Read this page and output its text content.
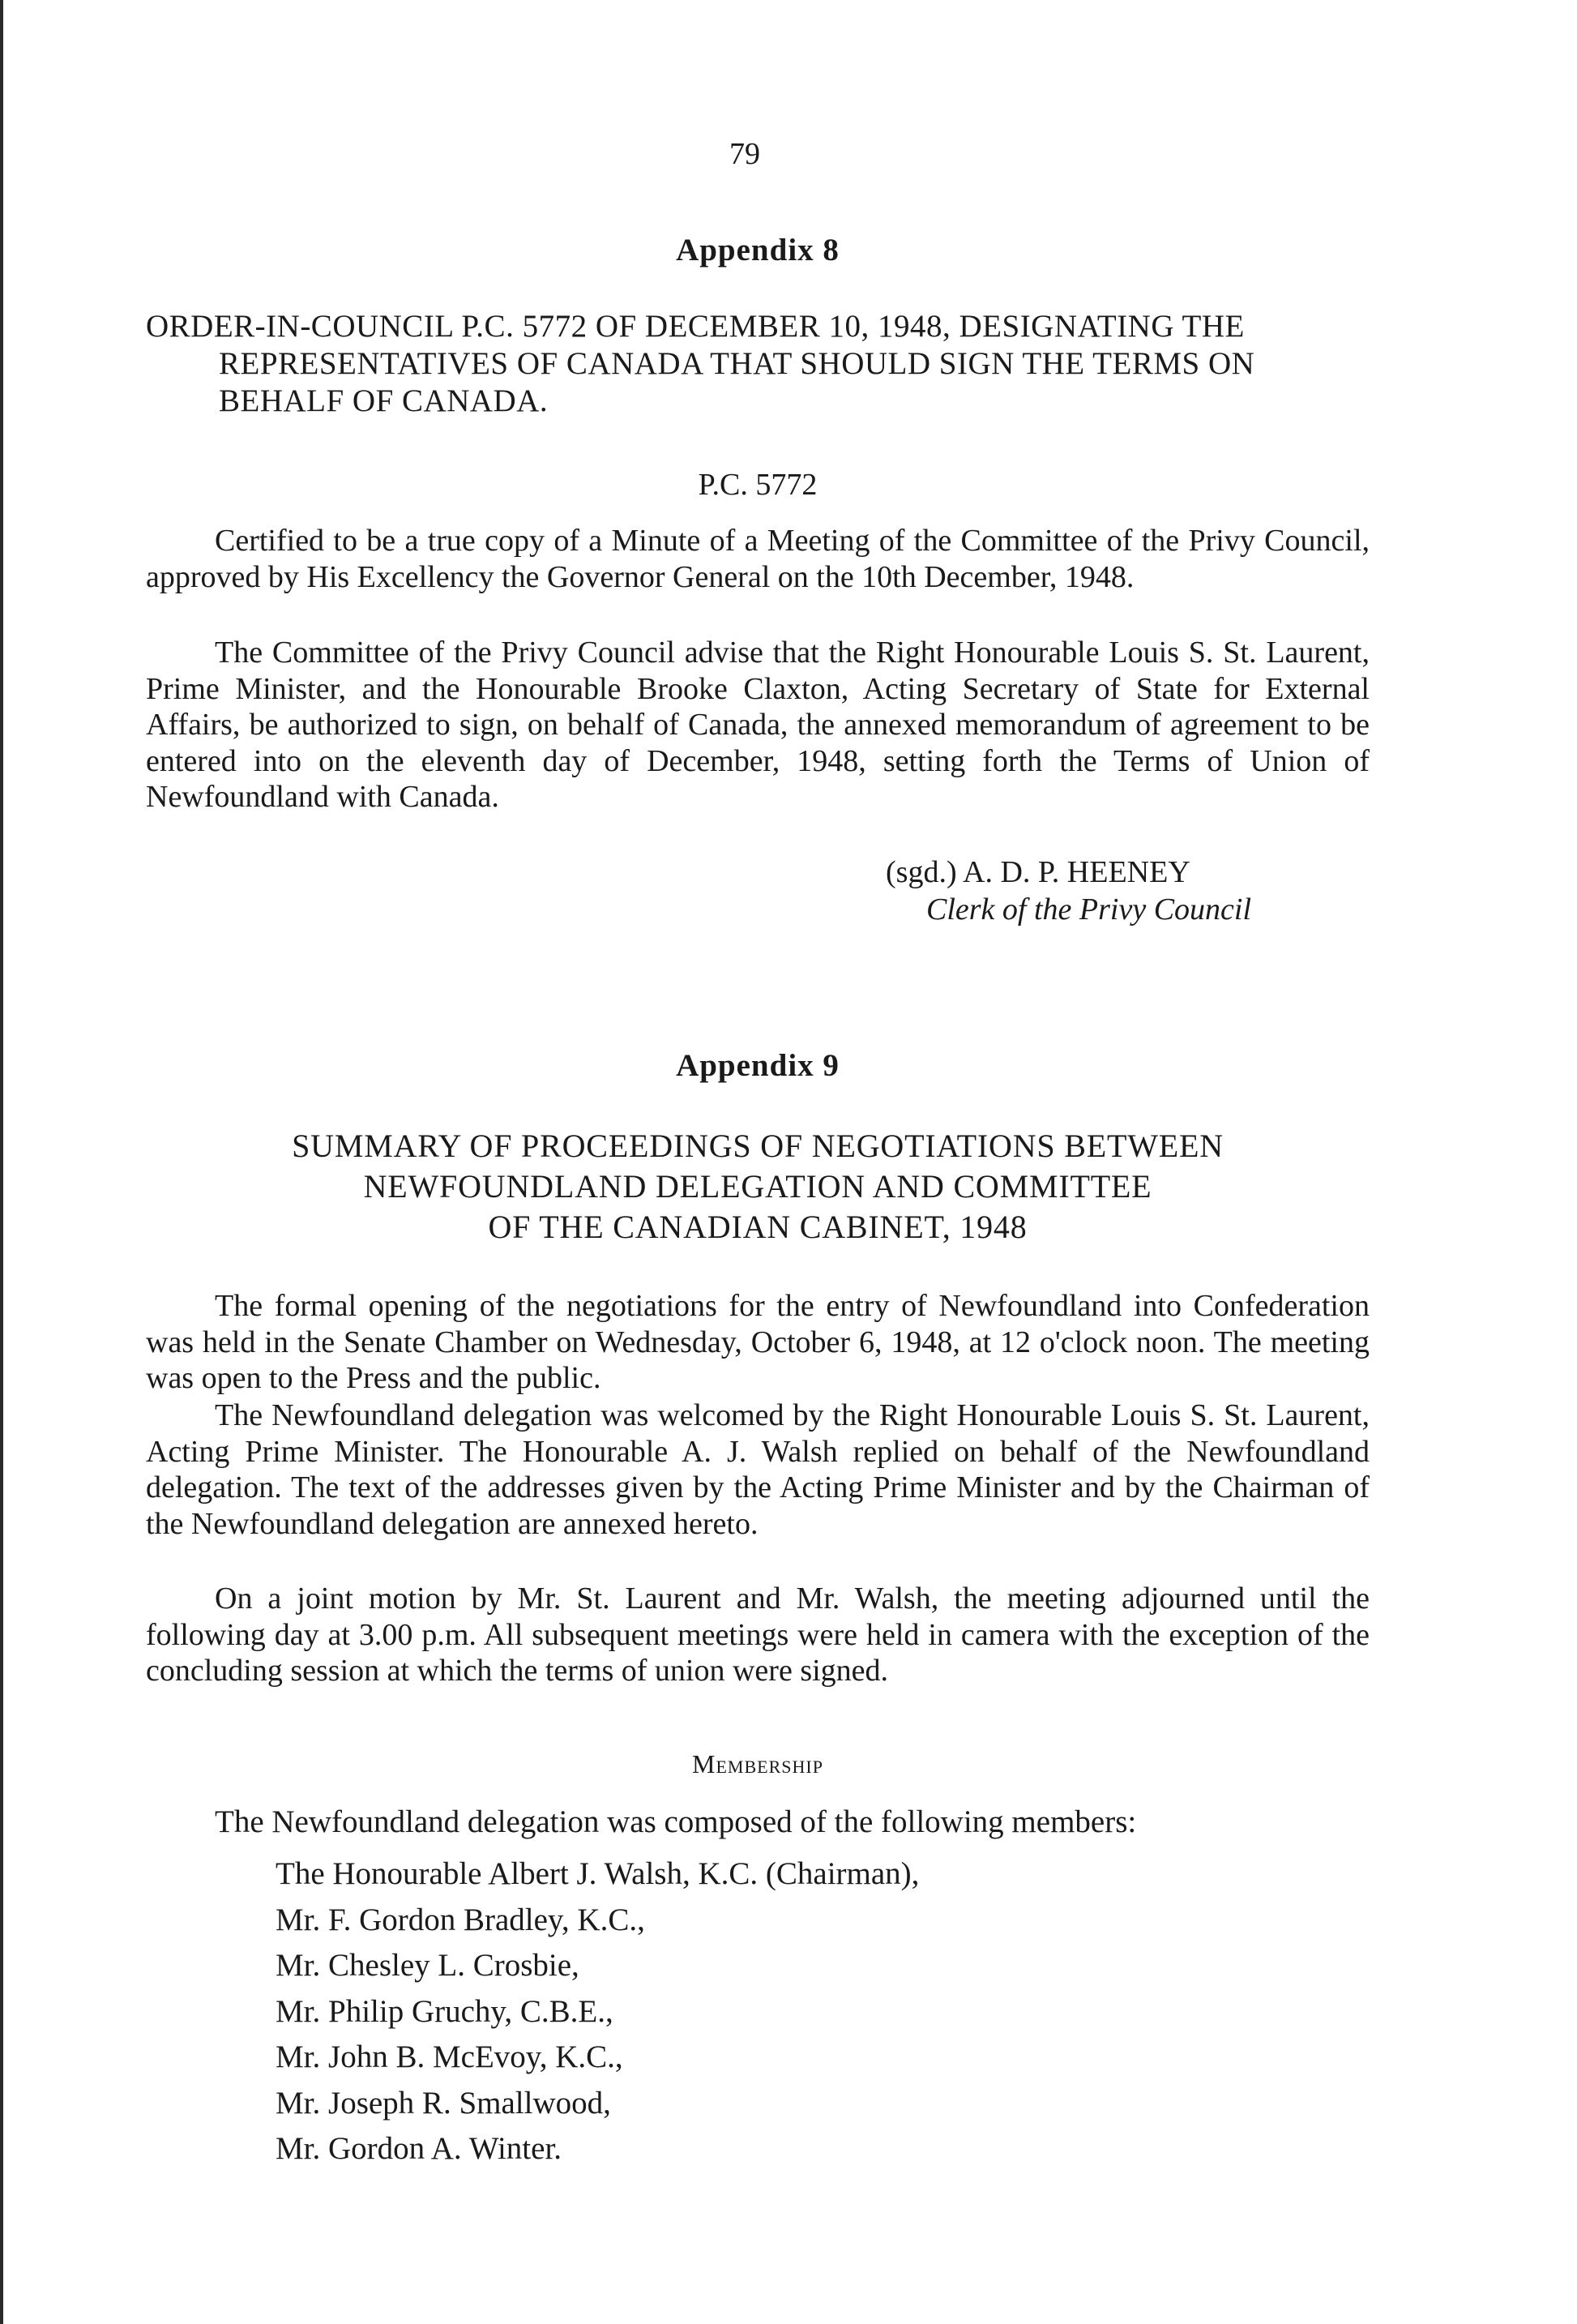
79
Appendix 8
ORDER-IN-COUNCIL P.C. 5772 OF DECEMBER 10, 1948, DESIGNATING THE REPRESENTATIVES OF CANADA THAT SHOULD SIGN THE TERMS ON BEHALF OF CANADA.
P.C. 5772

Certified to be a true copy of a Minute of a Meeting of the Committee of the Privy Council, approved by His Excellency the Governor General on the 10th December, 1948.

The Committee of the Privy Council advise that the Right Honourable Louis S. St. Laurent, Prime Minister, and the Honourable Brooke Claxton, Acting Secretary of State for External Affairs, be authorized to sign, on behalf of Canada, the annexed memorandum of agreement to be entered into on the eleventh day of December, 1948, setting forth the Terms of Union of Newfoundland with Canada.

(sgd.) A. D. P. HEENEY
Clerk of the Privy Council
Appendix 9
SUMMARY OF PROCEEDINGS OF NEGOTIATIONS BETWEEN
NEWFOUNDLAND DELEGATION AND COMMITTEE
OF THE CANADIAN CABINET, 1948

The formal opening of the negotiations for the entry of Newfoundland into Confederation was held in the Senate Chamber on Wednesday, October 6, 1948, at 12 o'clock noon. The meeting was open to the Press and the public.

The Newfoundland delegation was welcomed by the Right Honourable Louis S. St. Laurent, Acting Prime Minister. The Honourable A. J. Walsh replied on behalf of the Newfoundland delegation. The text of the addresses given by the Acting Prime Minister and by the Chairman of the Newfoundland delegation are annexed hereto.

On a joint motion by Mr. St. Laurent and Mr. Walsh, the meeting adjourned until the following day at 3.00 p.m. All subsequent meetings were held in camera with the exception of the concluding session at which the terms of union were signed.

Membership
The Newfoundland delegation was composed of the following members:
The Honourable Albert J. Walsh, K.C. (Chairman),
Mr. F. Gordon Bradley, K.C.,
Mr. Chesley L. Crosbie,
Mr. Philip Gruchy, C.B.E.,
Mr. John B. McEvoy, K.C.,
Mr. Joseph R. Smallwood,
Mr. Gordon A. Winter.
